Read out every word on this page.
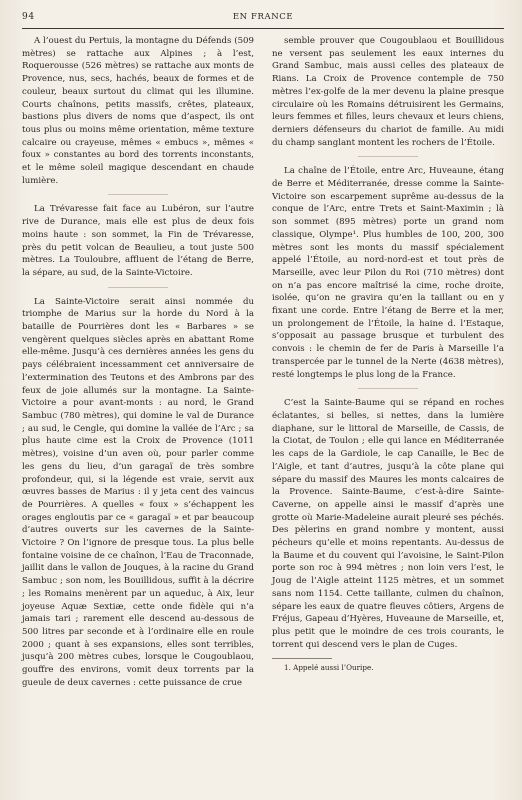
94	EN FRANCE

A l’ouest du Pertuis, la montagne du Défends (509 mètres) se rattache aux Alpines ; à l’est, Roquerousse (526 mètres) se rattache aux monts de Provence, nus, secs, hachés, beaux de formes et de couleur, beaux surtout du climat qui les illumine. Courts chaînons, petits massifs, crêtes, plateaux, bastions plus divers de noms que d’aspect, ils ont tous plus ou moins même orientation, même texture calcaire ou crayeuse, mêmes « embucs », mêmes « foux » constantes au bord des torrents inconstants, et le même soleil magique descendant en chaude lumière.

La Trévaresse fait face au Lubéron, sur l’autre rive de Durance, mais elle est plus de deux fois moins haute : son sommet, la Fin de Trévaresse, près du petit volcan de Beaulieu, a tout juste 500 mètres. La Touloubre, affluent de l’étang de Berre, la sépare, au sud, de la Sainte-Victoire.

La Sainte-Victoire serait ainsi nommée du triomphe de Marius sur la horde du Nord à la bataille de Pourrières dont les « Barbares » se vengèrent quelques siècles après en abattant Rome elle-même. Jusqu’à ces dernières années les gens du pays célébraient incessamment cet anniversaire de l’extermination des Teutons et des Ambrons par des feux de joie allumés sur la montagne. La Sainte-Victoire a pour avant-monts : au nord, le Grand Sambuc (780 mètres), qui domine le val de Durance ; au sud, le Cengle, qui domine la vallée de l’Arc ; sa plus haute cime est la Croix de Provence (1011 mètres), voisine d’un aven où, pour parler comme les gens du lieu, d’un garagaï de très sombre profondeur, qui, si la légende est vraie, servit aux œuvres basses de Marius : il y jeta cent des vaincus de Pourrières. A quelles « foux » s’échappent les orages engloutis par ce « garagaï » et par beaucoup d’autres ouverts sur les cavernes de la Sainte-Victoire ? On l’ignore de presque tous. La plus belle fontaine voisine de ce chaînon, l’Eau de Traconnade, jaillit dans le vallon de Jouques, à la racine du Grand Sambuc ; son nom, les Bouillidous, suffit à la décrire ; les Romains menèrent par un aqueduc, à Aix, leur joyeuse Aquæ Sextiæ, cette onde fidèle qui n’a jamais tari ; rarement elle descend au-dessous de 500 litres par seconde et à l’ordinaire elle en roule 2000 ; quant à ses expansions, elles sont terribles, jusqu’à 200 mètres cubes, lorsque le Cougoublaou, gouffre des environs, vomit deux torrents par la gueule de deux cavernes : cette puissance de crue

semble prouver que Cougoublaou et Bouillidous ne versent pas seulement les eaux internes du Grand Sambuc, mais aussi celles des plateaux de Rians. La Croix de Provence contemple de 750 mètres l’ex-golfe de la mer devenu la plaine presque circulaire où les Romains détruisirent les Germains, leurs femmes et filles, leurs chevaux et leurs chiens, derniers défenseurs du chariot de famille. Au midi du champ sanglant montent les rochers de l’Étoile.

La chaîne de l’Étoile, entre Arc, Huveaune, étang de Berre et Méditerranée, dresse comme la Sainte-Victoire son escarpement suprême au-dessus de la conque de l’Arc, entre Trets et Saint-Maximin ; là son sommet (895 mètres) porte un grand nom classique, Olympe¹. Plus humbles de 100, 200, 300 mètres sont les monts du massif spécialement appelé l’Étoile, au nord-nord-est et tout près de Marseille, avec leur Pilon du Roi (710 mètres) dont on n’a pas encore maîtrisé la cime, roche droite, isolée, qu’on ne gravira qu’en la taillant ou en y fixant une corde. Entre l’étang de Berre et la mer, un prolongement de l’Étoile, la haine d. l’Estaque, s’opposait au passage brusque et turbulent des convois : le chemin de fer de Paris à Marseille l’a transpercée par le tunnel de la Nerte (4638 mètres), resté longtemps le plus long de la France.

C’est la Sainte-Baume qui se répand en roches éclatantes, si belles, si nettes, dans la lumière diaphane, sur le littoral de Marseille, de Cassis, de la Ciotat, de Toulon ; elle qui lance en Méditerranée les caps de la Gardiole, le cap Canaille, le Bec de l’Aigle, et tant d’autres, jusqu’à la côte plane qui sépare du massif des Maures les monts calcaires de la Provence. Sainte-Baume, c’est-à-dire Sainte-Caverne, on appelle ainsi le massif d’après une grotte où Marie-Madeleine aurait pleuré ses péchés. Des pèlerins en grand nombre y montent, aussi pécheurs qu’elle et moins repentants. Au-dessus de la Baume et du couvent qui l’avoisine, le Saint-Pilon porte son roc à 994 mètres ; non loin vers l’est, le Joug de l’Aigle atteint 1125 mètres, et un sommet sans nom 1154. Cette taillante, culmen du chaînon, sépare les eaux de quatre fleuves côtiers, Argens de Fréjus, Gapeau d’Hyères, Huveaune de Marseille, et, plus petit que le moindre de ces trois courants, le torrent qui descend vers le plan de Cuges.

1. Appelé aussi l’Ouripe.
